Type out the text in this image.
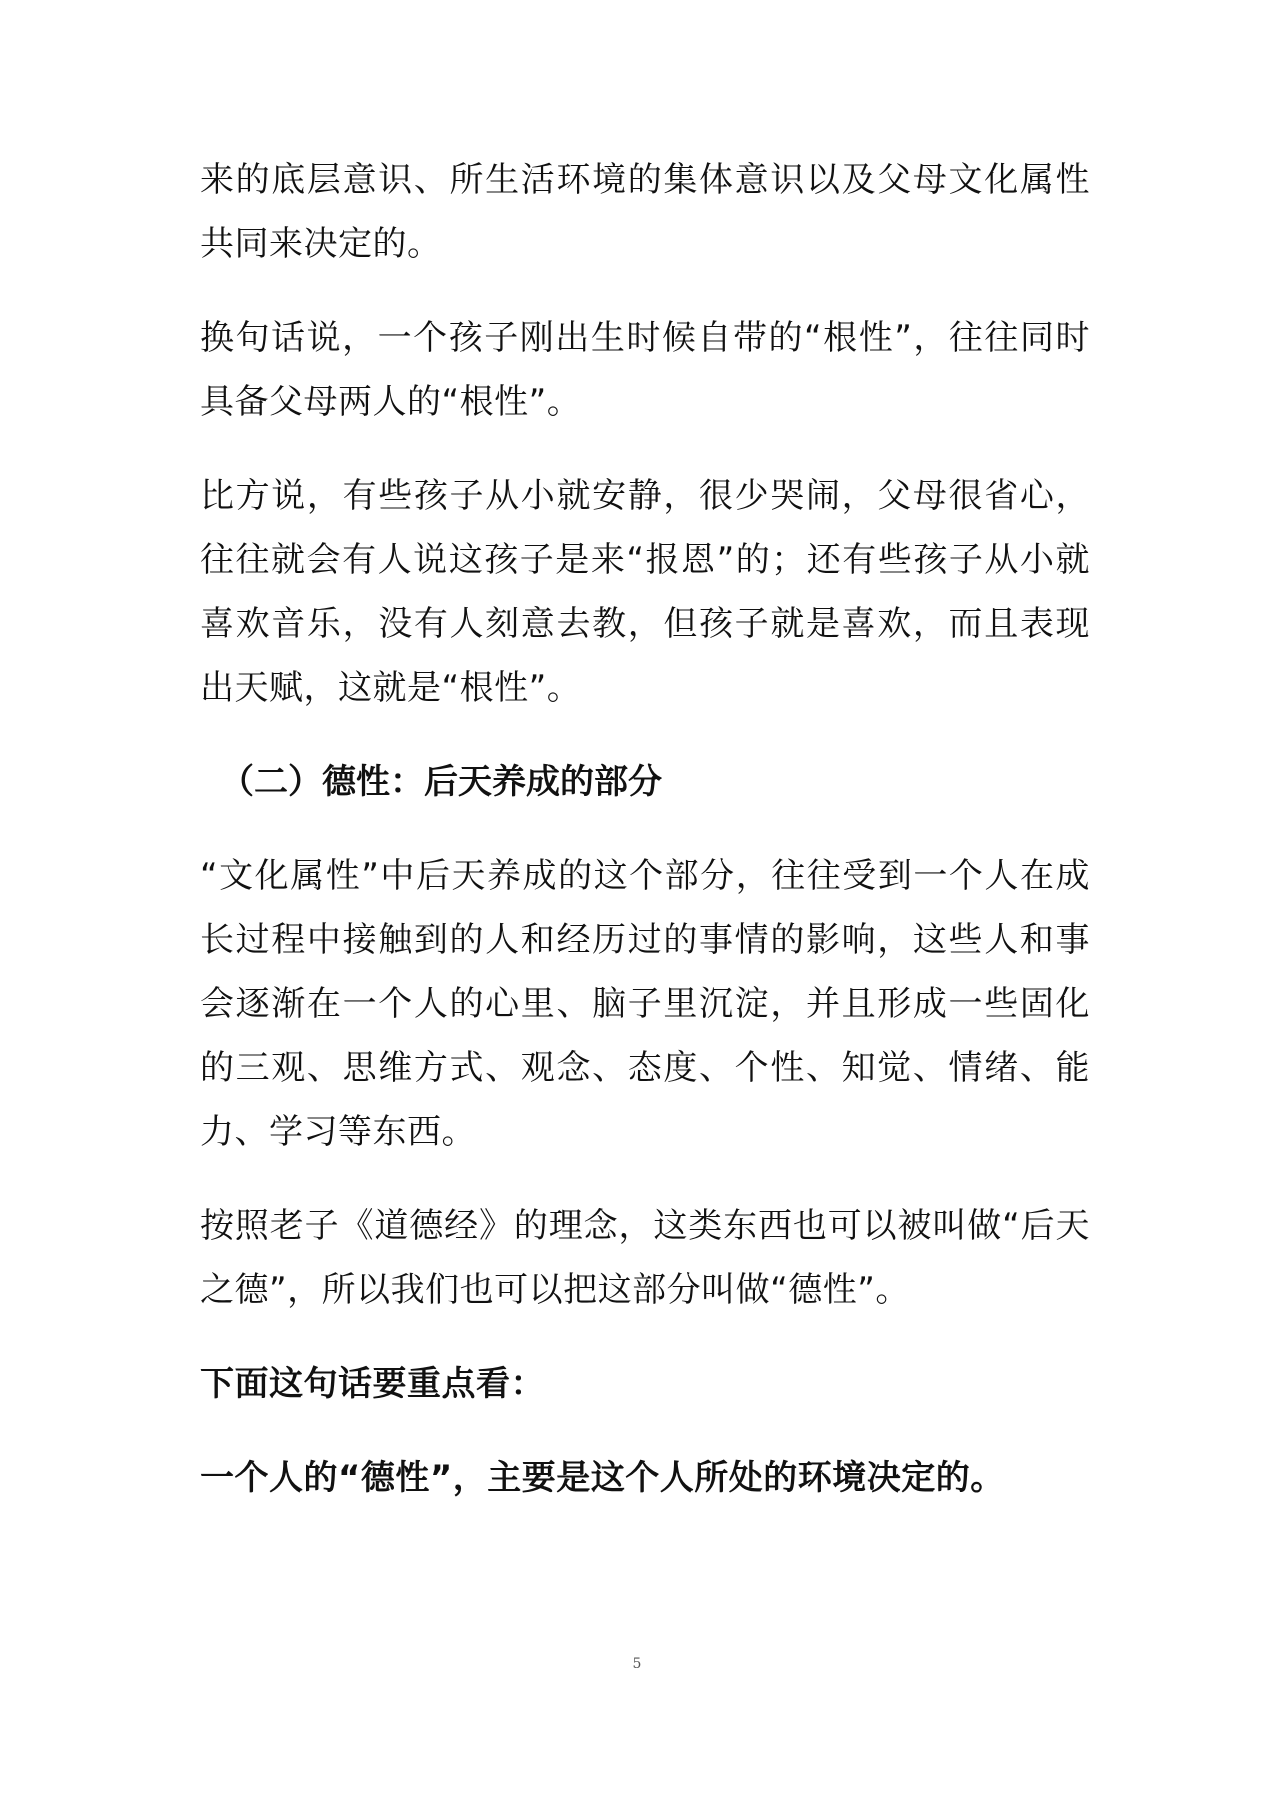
来的底层意识、所生活环境的集体意识以及父母文化属性共同来决定的。

换句话说，一个孩子刚出生时候自带的“根性”，往往同时具备父母两人的“根性”。

比方说，有些孩子从小就安静，很少哭闹，父母很省心，往往就会有人说这孩子是来“报恩”的；还有些孩子从小就喜欢音乐，没有人刻意去教，但孩子就是喜欢，而且表现出天赋，这就是“根性”。

（二）德性：后天养成的部分

“文化属性”中后天养成的这个部分，往往受到一个人在成长过程中接触到的人和经历过的事情的影响，这些人和事会逐渐在一个人的心里、脑子里沉淀，并且形成一些固化的三观、思维方式、观念、态度、个性、知觉、情绪、能力、学习等东西。

按照老子《道德经》的理念，这类东西也可以被叫做“后天之德”，所以我们也可以把这部分叫做“德性”。

下面这句话要重点看：

一个人的“德性”，主要是这个人所处的环境决定的。

5
